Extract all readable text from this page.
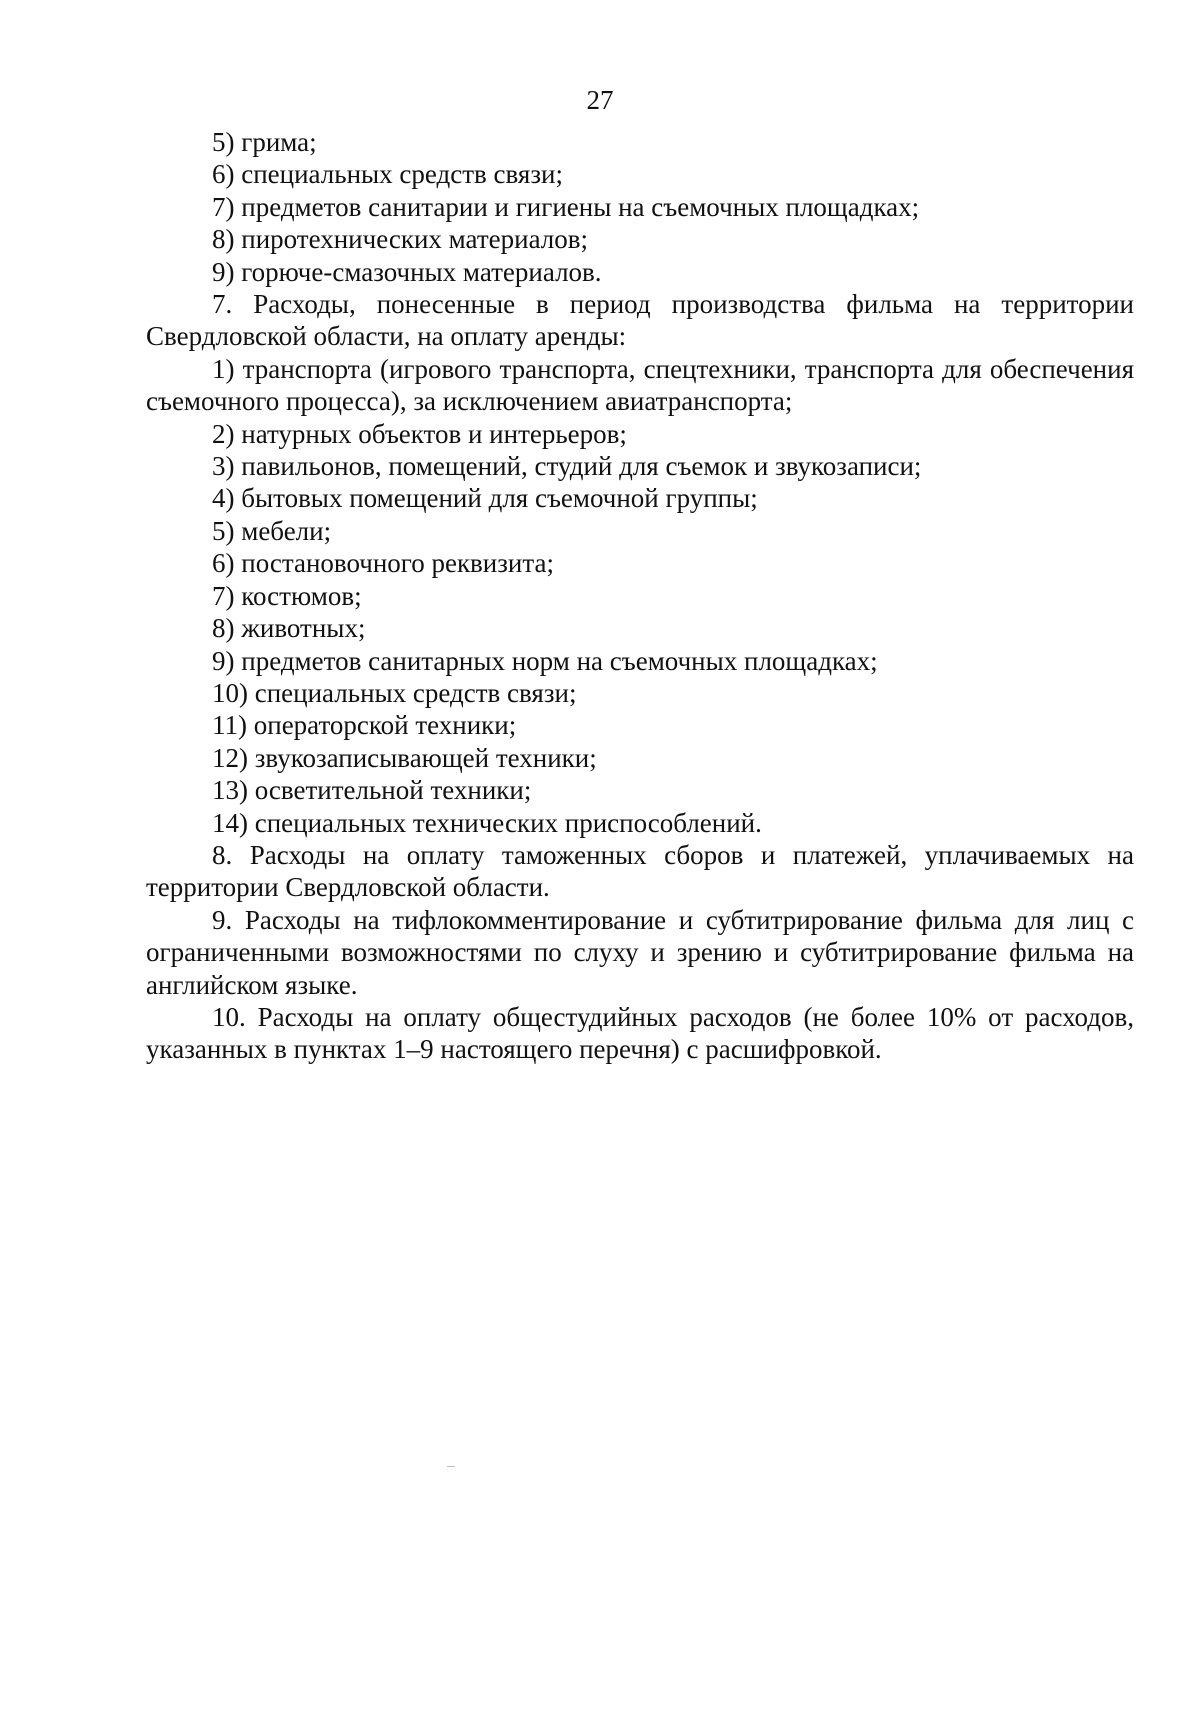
27

5) грима;

6) специальных средств связи;

7) предметов санитарии и гигиены на съемочных площадках;

8) пиротехнических материалов;

9) горюче-смазочных материалов.

7. Расходы, понесенные в период производства фильма на территории Свердловской области, на оплату аренды:

1) транспорта (игрового транспорта, спецтехники, транспорта для обеспечения съемочного процесса), за исключением авиатранспорта;

2) натурных объектов и интерьеров;

3) павильонов, помещений, студий для съемок и звукозаписи;

4) бытовых помещений для съемочной группы;

5) мебели;

6) постановочного реквизита;

7) костюмов;

8) животных;

9) предметов санитарных норм на съемочных площадках;

10) специальных средств связи;

11) операторской техники;

12) звукозаписывающей техники;

13) осветительной техники;

14) специальных технических приспособлений.

8. Расходы на оплату таможенных сборов и платежей, уплачиваемых на территории Свердловской области.

9. Расходы на тифлокомментирование и субтитрирование фильма для лиц с ограниченными возможностями по слуху и зрению и субтитрирование фильма на английском языке.

10. Расходы на оплату общестудийных расходов (не более 10% от расходов, указанных в пунктах 1–9 настоящего перечня) с расшифровкой.
